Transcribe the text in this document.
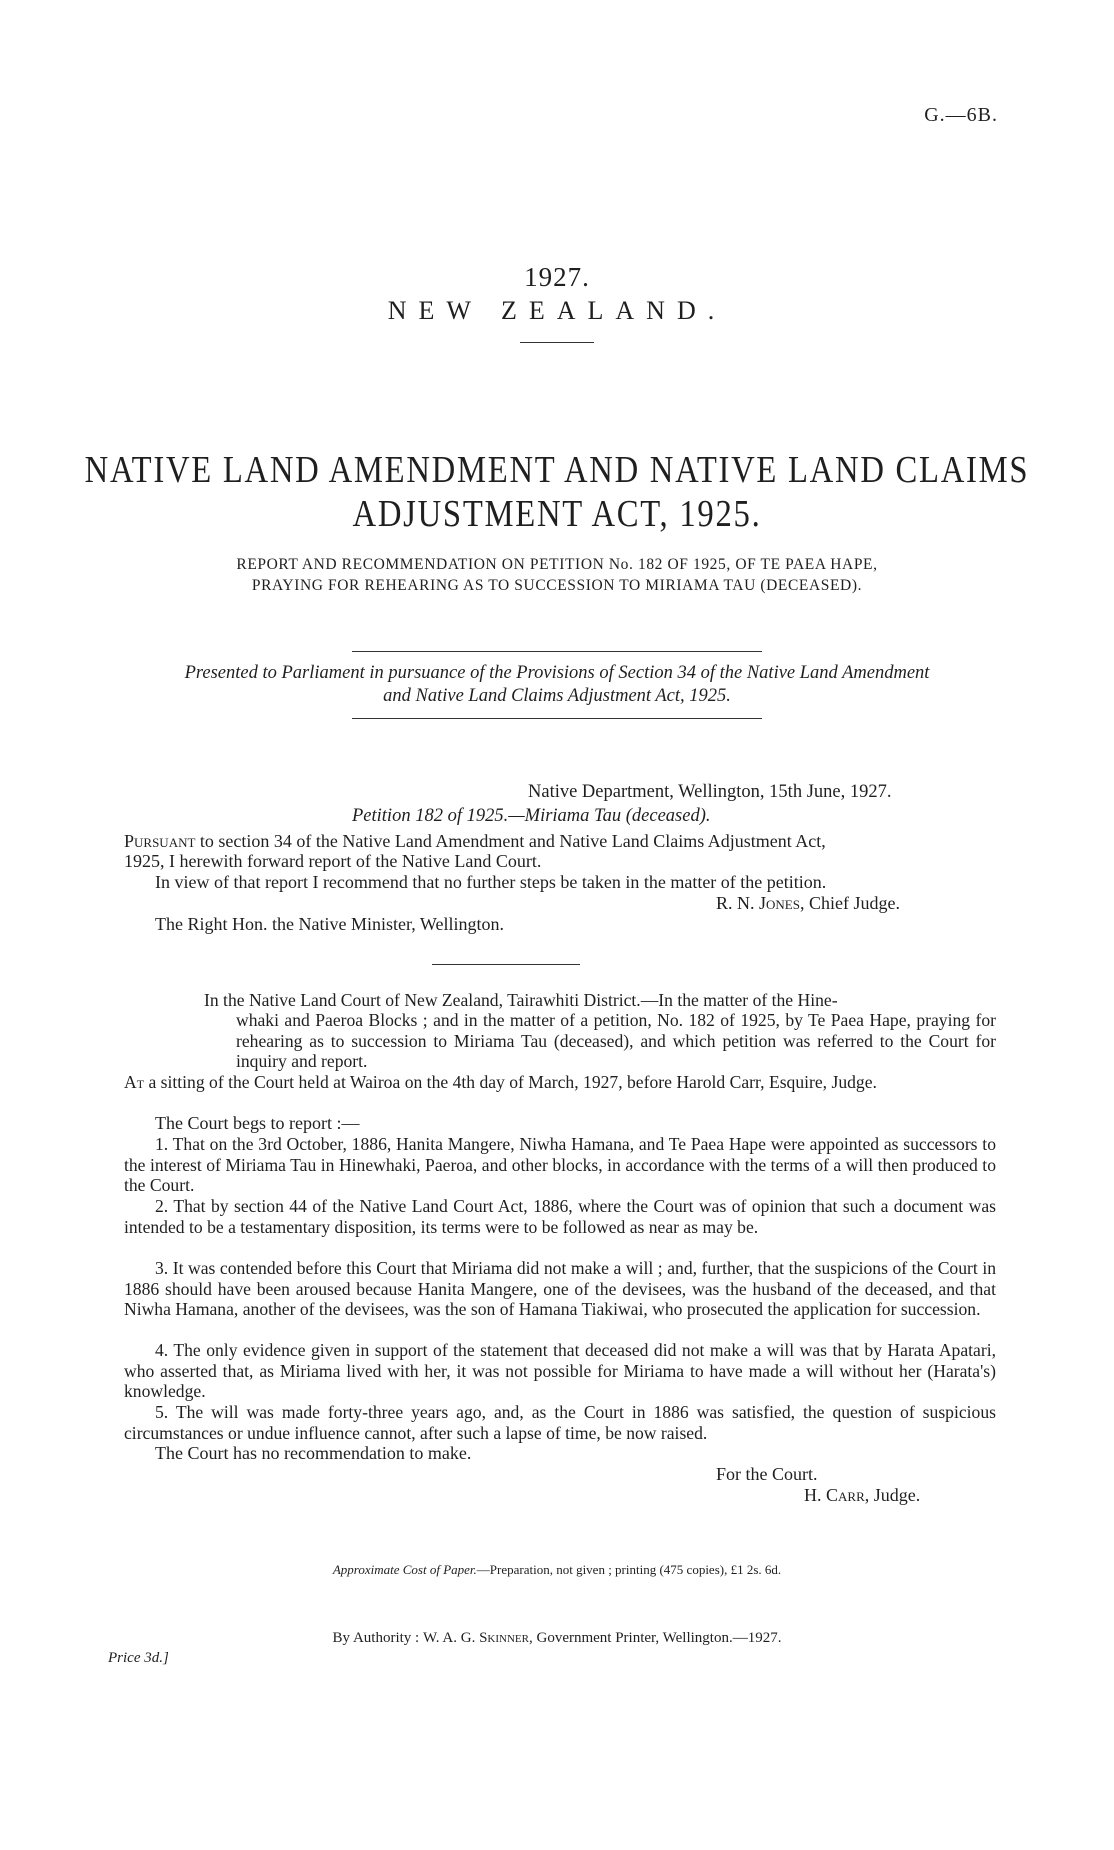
G.—6B.
1927.
NEW ZEALAND.
NATIVE LAND AMENDMENT AND NATIVE LAND CLAIMS
ADJUSTMENT ACT, 1925.
REPORT AND RECOMMENDATION ON PETITION No. 182 OF 1925, OF TE PAEA HAPE,
PRAYING FOR REHEARING AS TO SUCCESSION TO MIRIAMA TAU (DECEASED).
Presented to Parliament in pursuance of the Provisions of Section 34 of the Native Land Amendment
and Native Land Claims Adjustment Act, 1925.
Native Department, Wellington, 15th June, 1927.
Petition 182 of 1925.—Miriama Tau (deceased).
Pursuant to section 34 of the Native Land Amendment and Native Land Claims Adjustment Act,
1925, I herewith forward report of the Native Land Court.
In view of that report I recommend that no further steps be taken in the matter of the petition.
R. N. Jones, Chief Judge.
The Right Hon. the Native Minister, Wellington.
In the Native Land Court of New Zealand, Tairawhiti District.—In the matter of the Hine-
whaki and Paeroa Blocks ; and in the matter of a petition, No. 182 of 1925, by Te Paea Hape, praying for rehearing as to succession to Miriama Tau (deceased), and which petition was referred to the Court for inquiry and report.
At a sitting of the Court held at Wairoa on the 4th day of March, 1927, before Harold Carr, Esquire, Judge.
The Court begs to report :—
1. That on the 3rd October, 1886, Hanita Mangere, Niwha Hamana, and Te Paea Hape were appointed as successors to the interest of Miriama Tau in Hinewhaki, Paeroa, and other blocks, in accordance with the terms of a will then produced to the Court.
2. That by section 44 of the Native Land Court Act, 1886, where the Court was of opinion that such a document was intended to be a testamentary disposition, its terms were to be followed as near as may be.
3. It was contended before this Court that Miriama did not make a will ; and, further, that the suspicions of the Court in 1886 should have been aroused because Hanita Mangere, one of the devisees, was the husband of the deceased, and that Niwha Hamana, another of the devisees, was the son of Hamana Tiakiwai, who prosecuted the application for succession.
4. The only evidence given in support of the statement that deceased did not make a will was that by Harata Apatari, who asserted that, as Miriama lived with her, it was not possible for Miriama to have made a will without her (Harata's) knowledge.
5. The will was made forty-three years ago, and, as the Court in 1886 was satisfied, the question of suspicious circumstances or undue influence cannot, after such a lapse of time, be now raised.
The Court has no recommendation to make.
For the Court.
H. Carr, Judge.
Approximate Cost of Paper.—Preparation, not given ; printing (475 copies), £1 2s. 6d.
By Authority : W. A. G. Skinner, Government Printer, Wellington.—1927.
Price 3d.]
